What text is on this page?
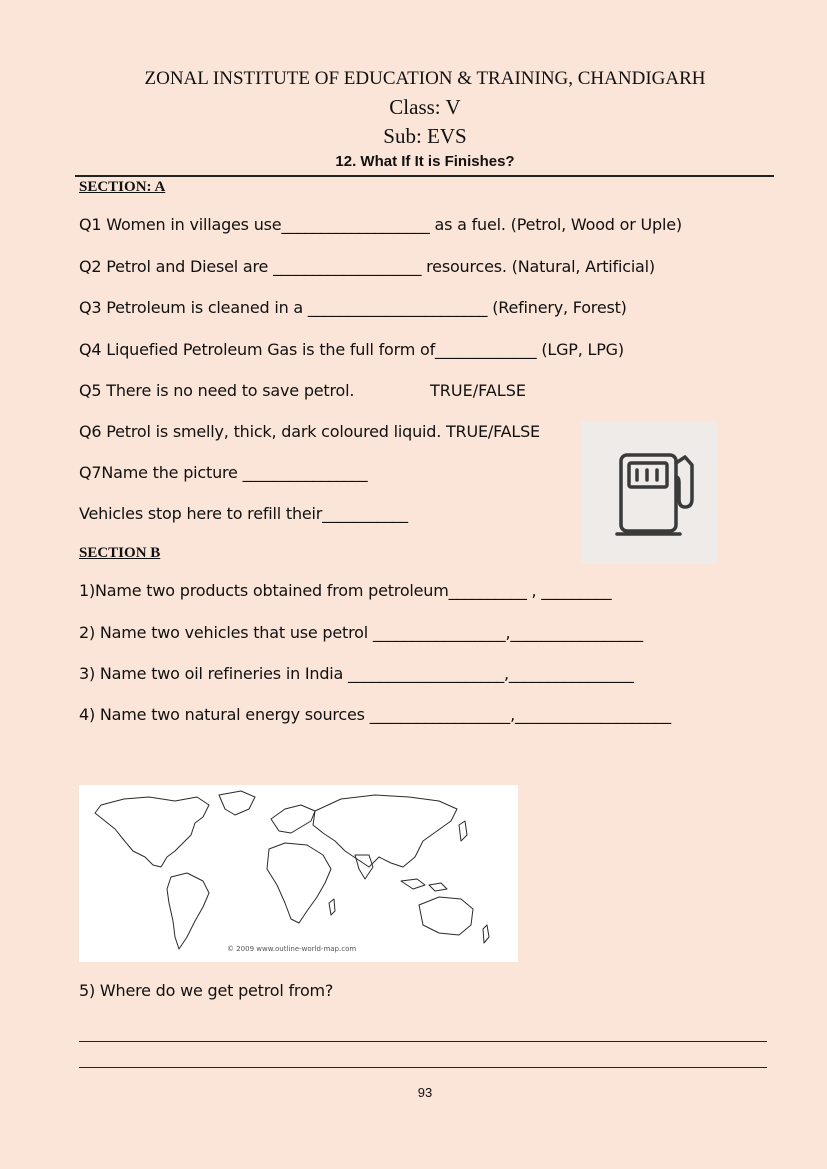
ZONAL INSTITUTE OF EDUCATION & TRAINING, CHANDIGARH
Class: V
Sub: EVS
12. What If It is Finishes?
SECTION: A
Q1 Women in villages use___________________ as a fuel. (Petrol, Wood or Uple)
Q2 Petrol and Diesel are ___________________ resources. (Natural, Artificial)
Q3 Petroleum is cleaned in a _______________________ (Refinery, Forest)
Q4 Liquefied Petroleum Gas is the full form of_____________ (LGP, LPG)
Q5 There is no need to save petrol.	TRUE/FALSE
Q6 Petrol is smelly, thick, dark coloured liquid. TRUE/FALSE
Q7Name the picture ________________
Vehicles stop here to refill their___________
SECTION B
1)Name two products obtained from petroleum__________ , _________
2) Name two vehicles that use petrol _________________,_________________
3) Name two oil refineries in India ____________________,________________
4) Name two natural energy sources __________________,____________________
© 2009 www.outline-world-map.com
5) Where do we get petrol from?
93
